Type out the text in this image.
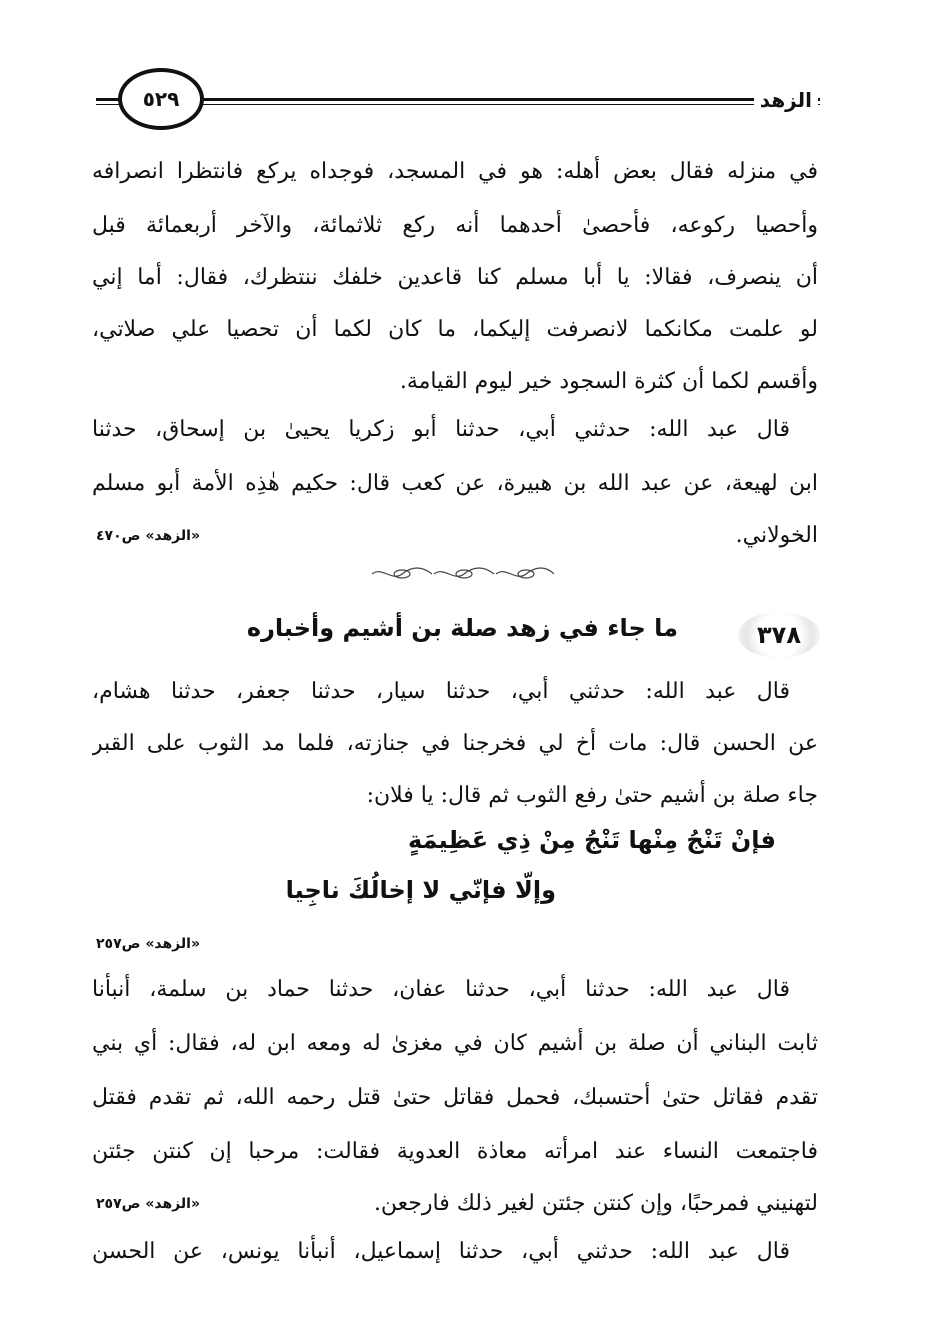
٥٢٩	الزهد
في منزله فقال بعض أهله: هو في المسجد، فوجداه يركع فانتظرا انصرافه
وأحصيا ركوعه، فأحصىٰ أحدهما أنه ركع ثلاثمائة، والآخر أربعمائة قبل
أن ينصرف، فقالا: يا أبا مسلم كنا قاعدين خلفك ننتظرك، فقال: أما إني
لو علمت مكانكما لانصرفت إليكما، ما كان لكما أن تحصيا علي صلاتي،
وأقسم لكما أن كثرة السجود خير ليوم القيامة.
قال عبد الله: حدثني أبي، حدثنا أبو زكريا يحيىٰ بن إسحاق، حدثنا
ابن لهيعة، عن عبد الله بن هبيرة، عن كعب قال: حكيم هٰذِه الأمة أبو مسلم
الخولاني.
«الزهد» ص٤٧٠
٣٧٨
ما جاء في زهد صلة بن أشيم وأخباره
قال عبد الله: حدثني أبي، حدثنا سيار، حدثنا جعفر، حدثنا هشام،
عن الحسن قال: مات أخ لي فخرجنا في جنازته، فلما مد الثوب على القبر
جاء صلة بن أشيم حتىٰ رفع الثوب ثم قال: يا فلان:
فإنْ تَنْجُ مِنْها تَنْجُ مِنْ ذِي عَظِيمَةٍ
وإلّا فإنّي لا إخالُكَ ناجِيا
«الزهد» ص٢٥٧
قال عبد الله: حدثنا أبي، حدثنا عفان، حدثنا حماد بن سلمة، أنبأنا
ثابت البناني أن صلة بن أشيم كان في مغزىٰ له ومعه ابن له، فقال: أي بني
تقدم فقاتل حتىٰ أحتسبك، فحمل فقاتل حتىٰ قتل رحمه الله، ثم تقدم فقتل
فاجتمعت النساء عند امرأته معاذة العدوية فقالت: مرحبا إن كنتن جئتن
لتهنيني فمرحبًا، وإن كنتن جئتن لغير ذلك فارجعن.
«الزهد» ص٢٥٧
قال عبد الله: حدثني أبي، حدثنا إسماعيل، أنبأنا يونس، عن الحسن
